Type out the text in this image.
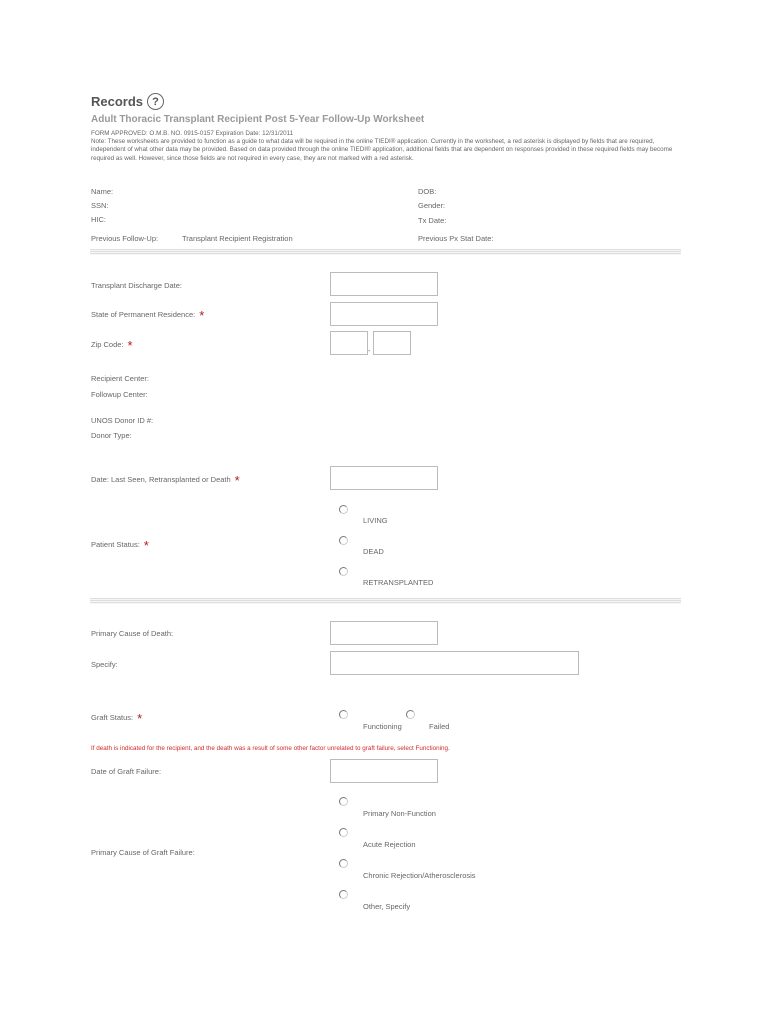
Records ?
Adult Thoracic Transplant Recipient Post 5-Year Follow-Up Worksheet
FORM APPROVED: O.M.B. NO. 0915-0157 Expiration Date: 12/31/2011
Note: These worksheets are provided to function as a guide to what data will be required in the online TIEDI® application. Currently in the worksheet, a red asterisk is displayed by fields that are required, independent of what other data may be provided. Based on data provided through the online TIEDI® application, additional fields that are dependent on responses provided in these required fields may become required as well. However, since those fields are not required in every case, they are not marked with a red asterisk.
Name:	DOB:
SSN:	Gender:
HIC:	Tx Date:
Previous Follow-Up:	Transplant Recipient Registration	Previous Px Stat Date:
Transplant Discharge Date:
State of Permanent Residence: *
Zip Code: *	-
Recipient Center:
Followup Center:
UNOS Donor ID #:
Donor Type:
Date: Last Seen, Retransplanted or Death *
Patient Status: *
LIVING
DEAD
RETRANSPLANTED
Primary Cause of Death:
Specify:
Graft Status: *
Functioning	Failed
If death is indicated for the recipient, and the death was a result of some other factor unrelated to graft failure, select Functioning.
Date of Graft Failure:
Primary Cause of Graft Failure:
Primary Non-Function
Acute Rejection
Chronic Rejection/Atherosclerosis
Other, Specify
